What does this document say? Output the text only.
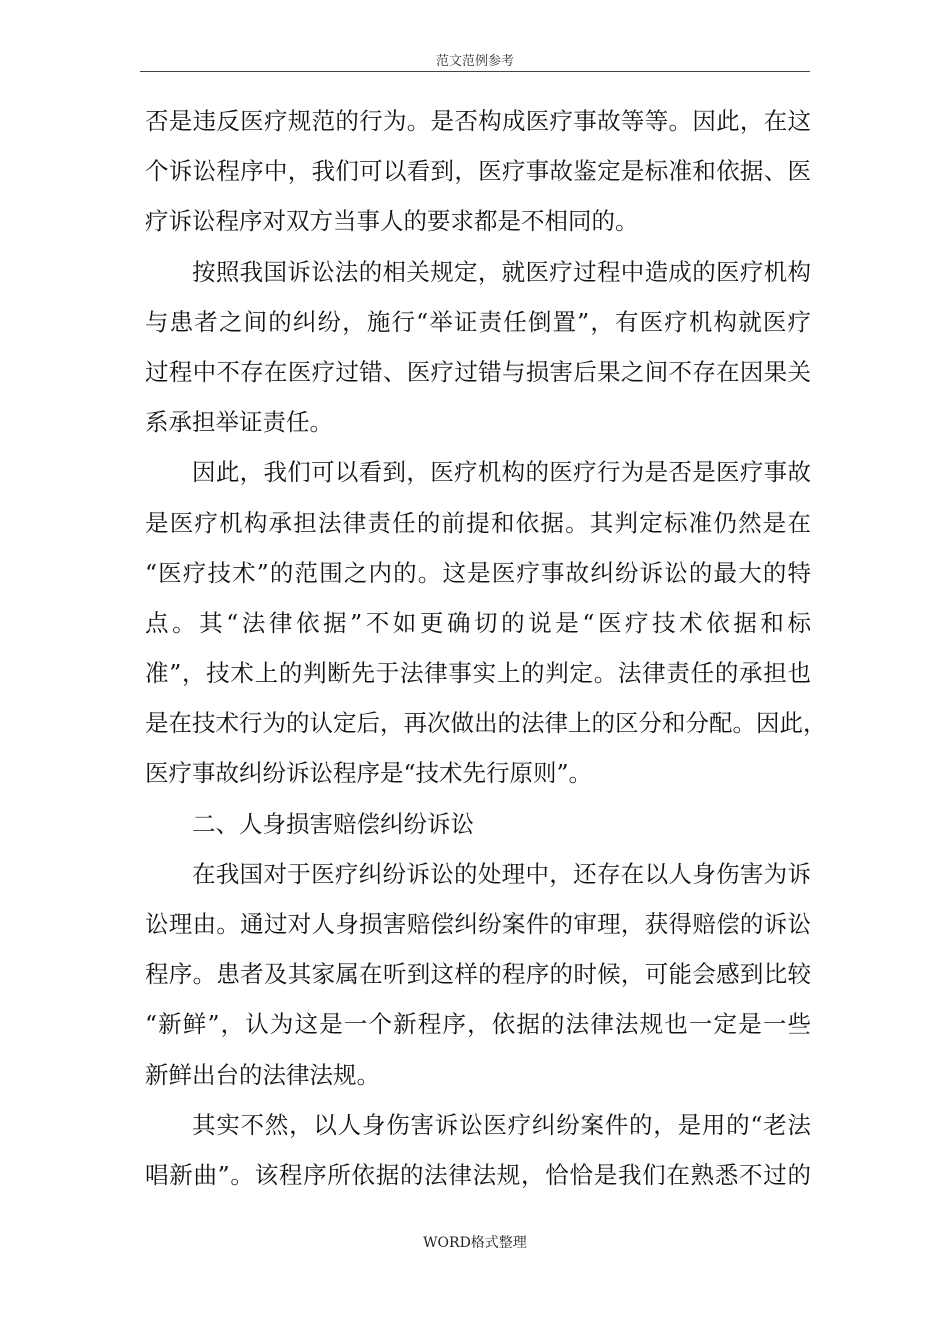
范文范例参考
否是违反医疗规范的行为。是否构成医疗事故等等。因此，在这
个诉讼程序中，我们可以看到，医疗事故鉴定是标准和依据、医
疗诉讼程序对双方当事人的要求都是不相同的。
按照我国诉讼法的相关规定，就医疗过程中造成的医疗机构
与患者之间的纠纷，施行“举证责任倒置”，有医疗机构就医疗
过程中不存在医疗过错、医疗过错与损害后果之间不存在因果关
系承担举证责任。
因此，我们可以看到，医疗机构的医疗行为是否是医疗事故
是医疗机构承担法律责任的前提和依据。其判定标准仍然是在
“医疗技术”的范围之内的。这是医疗事故纠纷诉讼的最大的特
点。其“法律依据”不如更确切的说是“医疗技术依据和标
准”，技术上的判断先于法律事实上的判定。法律责任的承担也
是在技术行为的认定后，再次做出的法律上的区分和分配。因此，
医疗事故纠纷诉讼程序是“技术先行原则”。
二、人身损害赔偿纠纷诉讼
在我国对于医疗纠纷诉讼的处理中，还存在以人身伤害为诉
讼理由。通过对人身损害赔偿纠纷案件的审理，获得赔偿的诉讼
程序。患者及其家属在听到这样的程序的时候，可能会感到比较
“新鲜”，认为这是一个新程序，依据的法律法规也一定是一些
新鲜出台的法律法规。
其实不然，以人身伤害诉讼医疗纠纷案件的，是用的“老法
唱新曲”。该程序所依据的法律法规，恰恰是我们在熟悉不过的
WORD格式整理
